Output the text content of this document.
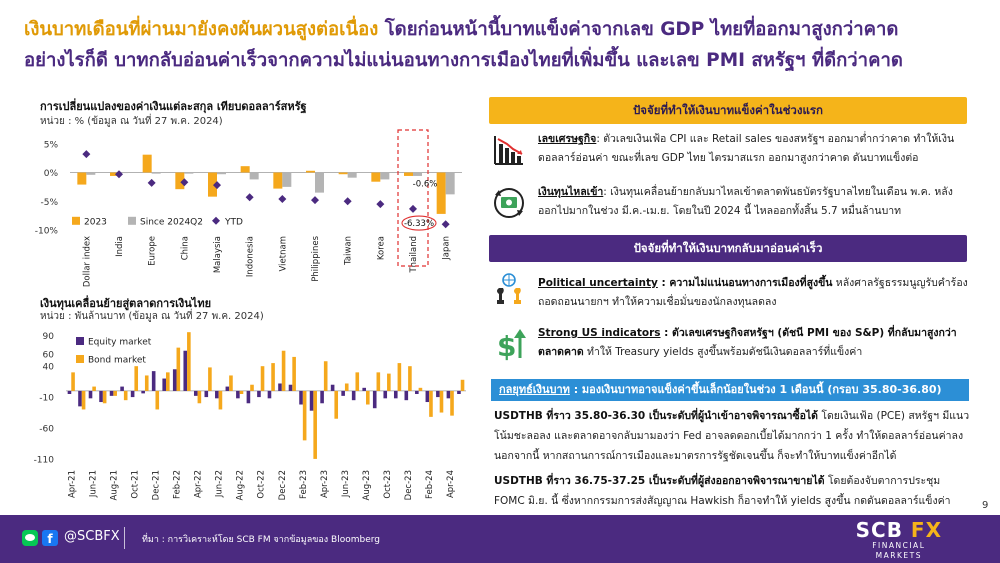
เงินบาทเดือนที่ผ่านมายังคงผันผวนสูงต่อเนื่อง โดยก่อนหน้านี้บาทแข็งค่าจากเลข GDP ไทยที่ออกมาสูงกว่าคาด
อย่างไรก็ดี บาทกลับอ่อนค่าเร็วจากความไม่แน่นอนทางการเมืองไทยที่เพิ่มขึ้น และเลข PMI สหรัฐฯ ที่ดีกว่าคาด
การเปลี่ยนแปลงของค่าเงินแต่ละสกุล เทียบดอลลาร์สหรัฐ
หน่วย : % (ข้อมูล ณ วันที่ 27 พ.ค. 2024)
5%
0%
-5%
-10%
Dollar index	India	Europe	China	Malaysia	Indonesia	Vietnam	Philippines	Taiwan	Korea	Thailand	Japan
-0.6%
-6.33%
2023	Since 2024Q2 YTD
เงินทุนเคลื่อนย้ายสู่ตลาดการเงินไทย
หน่วย : พันล้านบาท (ข้อมูล ณ วันที่ 27 พ.ค. 2024)
90
60
40
-10
-60
-110
Apr-21 Jun-21 Aug-21 Oct-21 Dec-21 Feb-22 Apr-22 Jun-22 Aug-22 Oct-22 Dec-22 Feb-23 Apr-23 Jun-23 Aug-23 Oct-23 Dec-23 Feb-24 Apr-24
Equity market
Bond market
ปัจจัยที่ทำให้เงินบาทแข็งค่าในช่วงแรก
เลขเศรษฐกิจ: ตัวเลขเงินเฟ้อ CPI และ Retail sales ของสหรัฐฯ ออกมาต่ำกว่าคาด ทำให้เงินดอลลาร์อ่อนค่า ขณะที่เลข GDP ไทย ไตรมาสแรก ออกมาสูงกว่าคาด ดันบาทแข็งต่อ
เงินทุนไหลเข้า: เงินทุนเคลื่อนย้ายกลับมาไหลเข้าตลาดพันธบัตรรัฐบาลไทยในเดือน พ.ค. หลังออกไปมากในช่วง มี.ค.-เม.ย. โดยในปี 2024 นี้ ไหลออกทั้งสิ้น 5.7 หมื่นล้านบาท
ปัจจัยที่ทำให้เงินบาทกลับมาอ่อนค่าเร็ว
Political uncertainty : ความไม่แน่นอนทางการเมืองที่สูงขึ้น หลังศาลรัฐธรรมนูญรับคำร้องถอดถอนนายกฯ ทำให้ความเชื่อมั่นของนักลงทุนลดลง
$ Strong US indicators : ตัวเลขเศรษฐกิจสหรัฐฯ (ดัชนี PMI ของ S&P) ที่กลับมาสูงกว่าตลาดคาด ทำให้ Treasury yields สูงขึ้นพร้อมดัชนีเงินดอลลาร์ที่แข็งค่า
กลยุทธ์เงินบาท : มองเงินบาทอาจแข็งค่าขึ้นเล็กน้อยในช่วง 1 เดือนนี้ (กรอบ 35.80-36.80)
USDTHB ที่ราว 35.80-36.30 เป็นระดับที่ผู้นำเข้าอาจพิจารณาซื้อได้ โดยเงินเฟ้อ (PCE) สหรัฐฯ มีแนวโน้มชะลอลง และตลาดอาจกลับมามองว่า Fed อาจลดดอกเบี้ยได้มากกว่า 1 ครั้ง ทำให้ดอลลาร์อ่อนค่าลง นอกจากนี้ หากสถานการณ์การเมืองและมาตรการรัฐชัดเจนขึ้น ก็จะทำให้บาทแข็งค่าอีกได้
USDTHB ที่ราว 36.75-37.25 เป็นระดับที่ผู้ส่งออกอาจพิจารณาขายได้ โดยต้องจับตาการประชุม FOMC มิ.ย. นี้ ซึ่งหากกรรมการส่งสัญญาณ Hawkish ก็อาจทำให้ yields สูงขึ้น กดดันดอลลาร์แข็งค่า	9
f @SCBFX ที่มา : การวิเคราะห์โดย SCB FM จากข้อมูลของ Bloomberg	SCB FX
FINANCIAL
MARKETS
